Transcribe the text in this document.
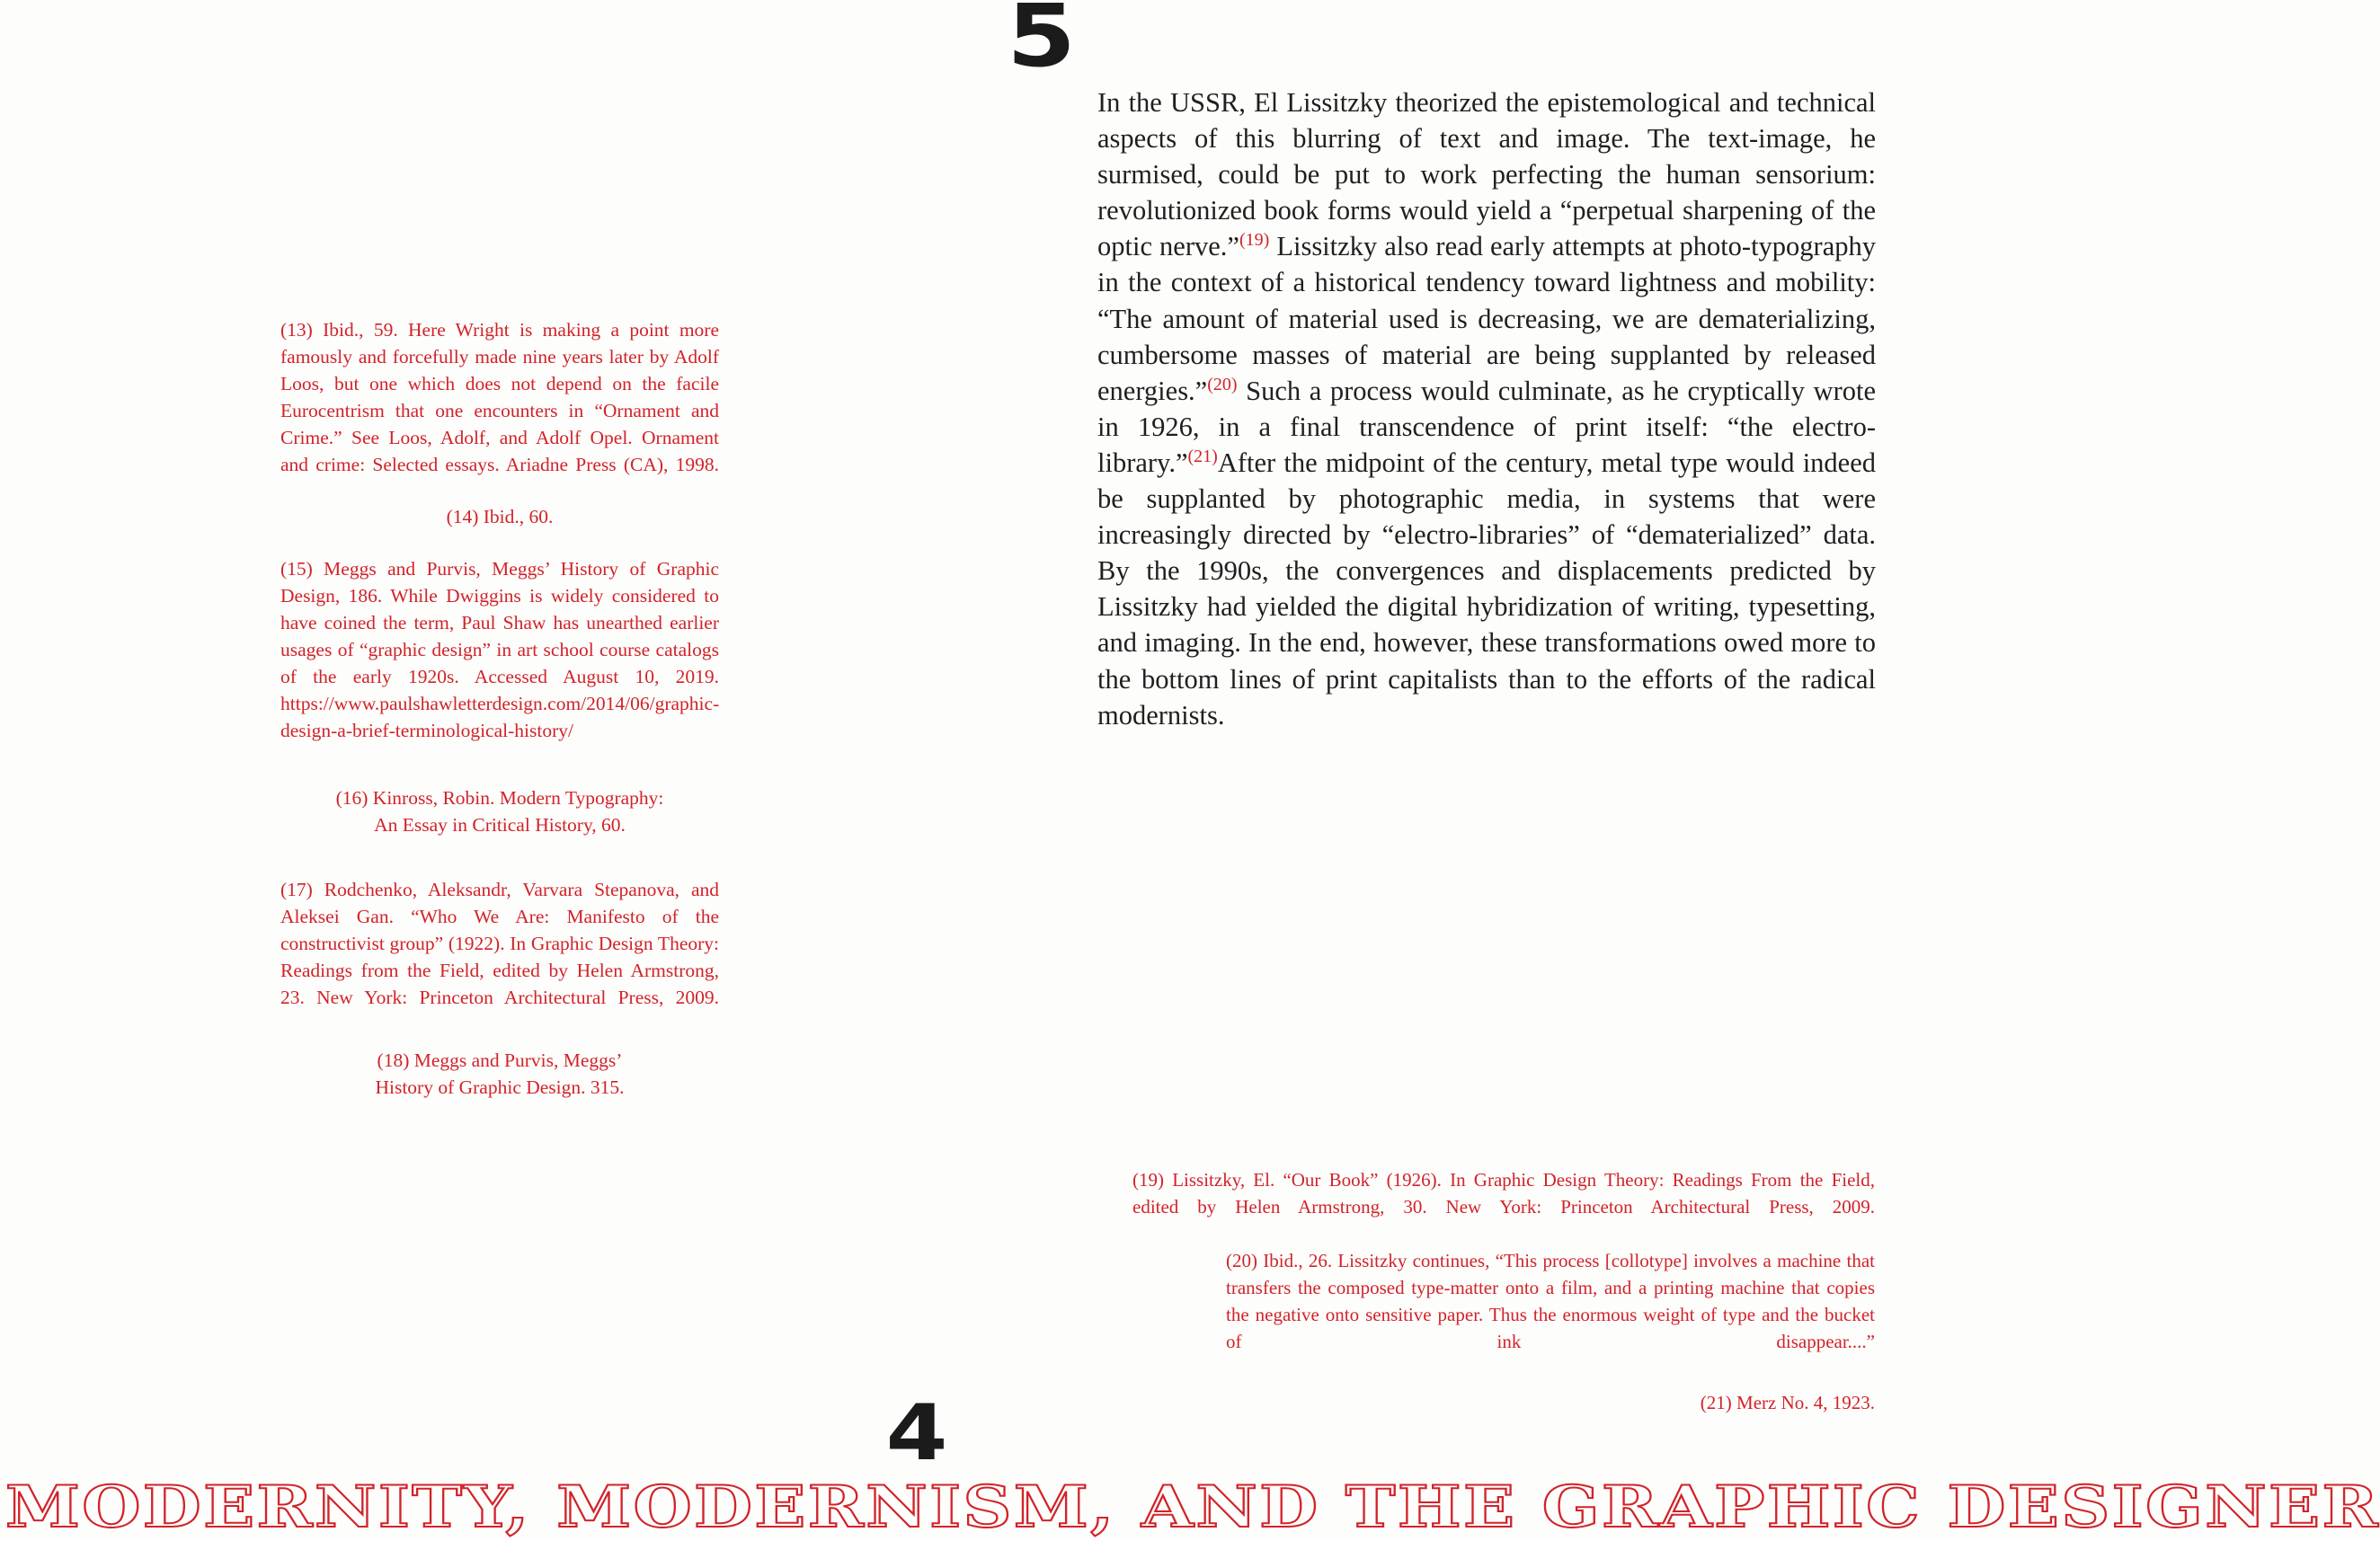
5

(13) Ibid., 59. Here Wright is making a point more famously and forcefully made nine years later by Adolf Loos, but one which does not depend on the facile Eurocentrism that one encounters in “Ornament and Crime.” See Loos, Adolf, and Adolf Opel. Ornament and crime: Selected essays. Ariadne Press (CA), 1998.

(14) Ibid., 60.

(15) Meggs and Purvis, Meggs’ History of Graphic Design, 186. While Dwiggins is widely considered to have coined the term, Paul Shaw has unearthed earlier usages of “graphic design” in art school course catalogs of the early 1920s. Accessed August 10, 2019. https://www.paulshawletterdesign.com/2014/06/graphic-design-a-brief-terminological-history/

(16) Kinross, Robin. Modern Typography: An Essay in Critical History, 60.

(17) Rodchenko, Aleksandr, Varvara Stepanova, and Aleksei Gan. “Who We Are: Manifesto of the constructivist group” (1922). In Graphic Design Theory: Readings from the Field, edited by Helen Armstrong, 23. New York: Princeton Architectural Press, 2009.

(18) Meggs and Purvis, Meggs’ History of Graphic Design. 315.

In the USSR, El Lissitzky theorized the epistemological and technical aspects of this blurring of text and image. The text-image, he surmised, could be put to work perfecting the human sensorium: revolutionized book forms would yield a “perpetual sharpening of the optic nerve.”$^{(19)}$ Lissitzky also read early attempts at photo-typography in the context of a historical tendency toward lightness and mobility: “The amount of material used is decreasing, we are dematerializing, cumbersome masses of material are being supplanted by released energies.”$^{(20)}$ Such a process would culminate, as he cryptically wrote in 1926, in a final transcendence of print itself: “the electro-library.”$^{(21)}$After the midpoint of the century, metal type would indeed be supplanted by photographic media, in systems that were increasingly directed by “electro-libraries” of “dematerialized” data. By the 1990s, the convergences and displacements predicted by Lissitzky had yielded the digital hybridization of writing, typesetting, and imaging. In the end, however, these transformations owed more to the bottom lines of print capitalists than to the efforts of the radical modernists.

(19) Lissitzky, El. “Our Book” (1926). In Graphic Design Theory: Readings From the Field, edited by Helen Armstrong, 30. New York: Princeton Architectural Press, 2009.

(20) Ibid., 26. Lissitzky continues, “This process [collotype] involves a machine that transfers the composed type-matter onto a film, and a printing machine that copies the negative onto sensitive paper. Thus the enormous weight of type and the bucket of ink disappear....”

(21) Merz No. 4, 1923.

4
MODERNITY, MODERNISM, AND THE GRAPHIC DESIGNER
